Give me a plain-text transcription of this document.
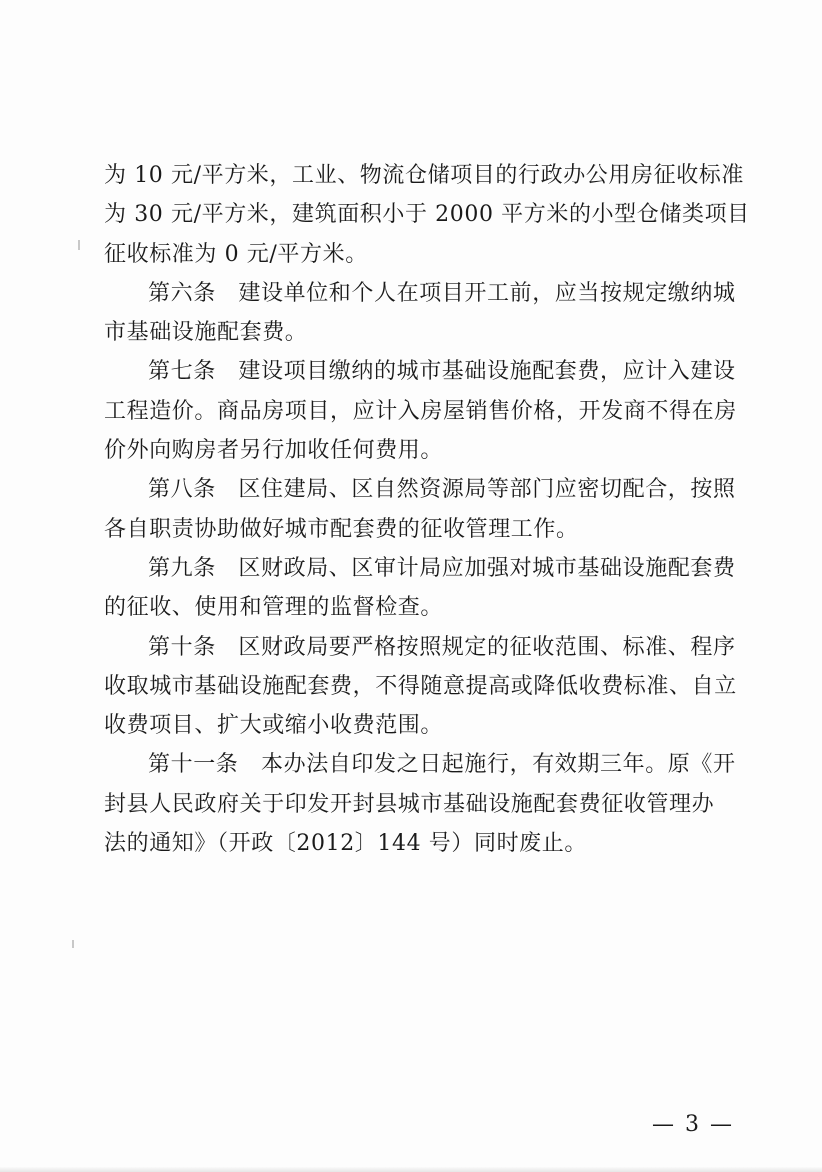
为 10 元/平方米，工业、物流仓储项目的行政办公用房征收标准
为 30 元/平方米，建筑面积小于 2000 平方米的小型仓储类项目
征收标准为 0 元/平方米。

第六条　建设单位和个人在项目开工前，应当按规定缴纳城
市基础设施配套费。

第七条　建设项目缴纳的城市基础设施配套费，应计入建设
工程造价。商品房项目，应计入房屋销售价格，开发商不得在房
价外向购房者另行加收任何费用。

第八条　区住建局、区自然资源局等部门应密切配合，按照
各自职责协助做好城市配套费的征收管理工作。

第九条　区财政局、区审计局应加强对城市基础设施配套费
的征收、使用和管理的监督检查。

第十条　区财政局要严格按照规定的征收范围、标准、程序
收取城市基础设施配套费，不得随意提高或降低收费标准、自立
收费项目、扩大或缩小收费范围。

第十一条　本办法自印发之日起施行，有效期三年。原《开
封县人民政府关于印发开封县城市基础设施配套费征收管理办
法的通知》（开政〔2012〕144 号）同时废止。

— 3 —
